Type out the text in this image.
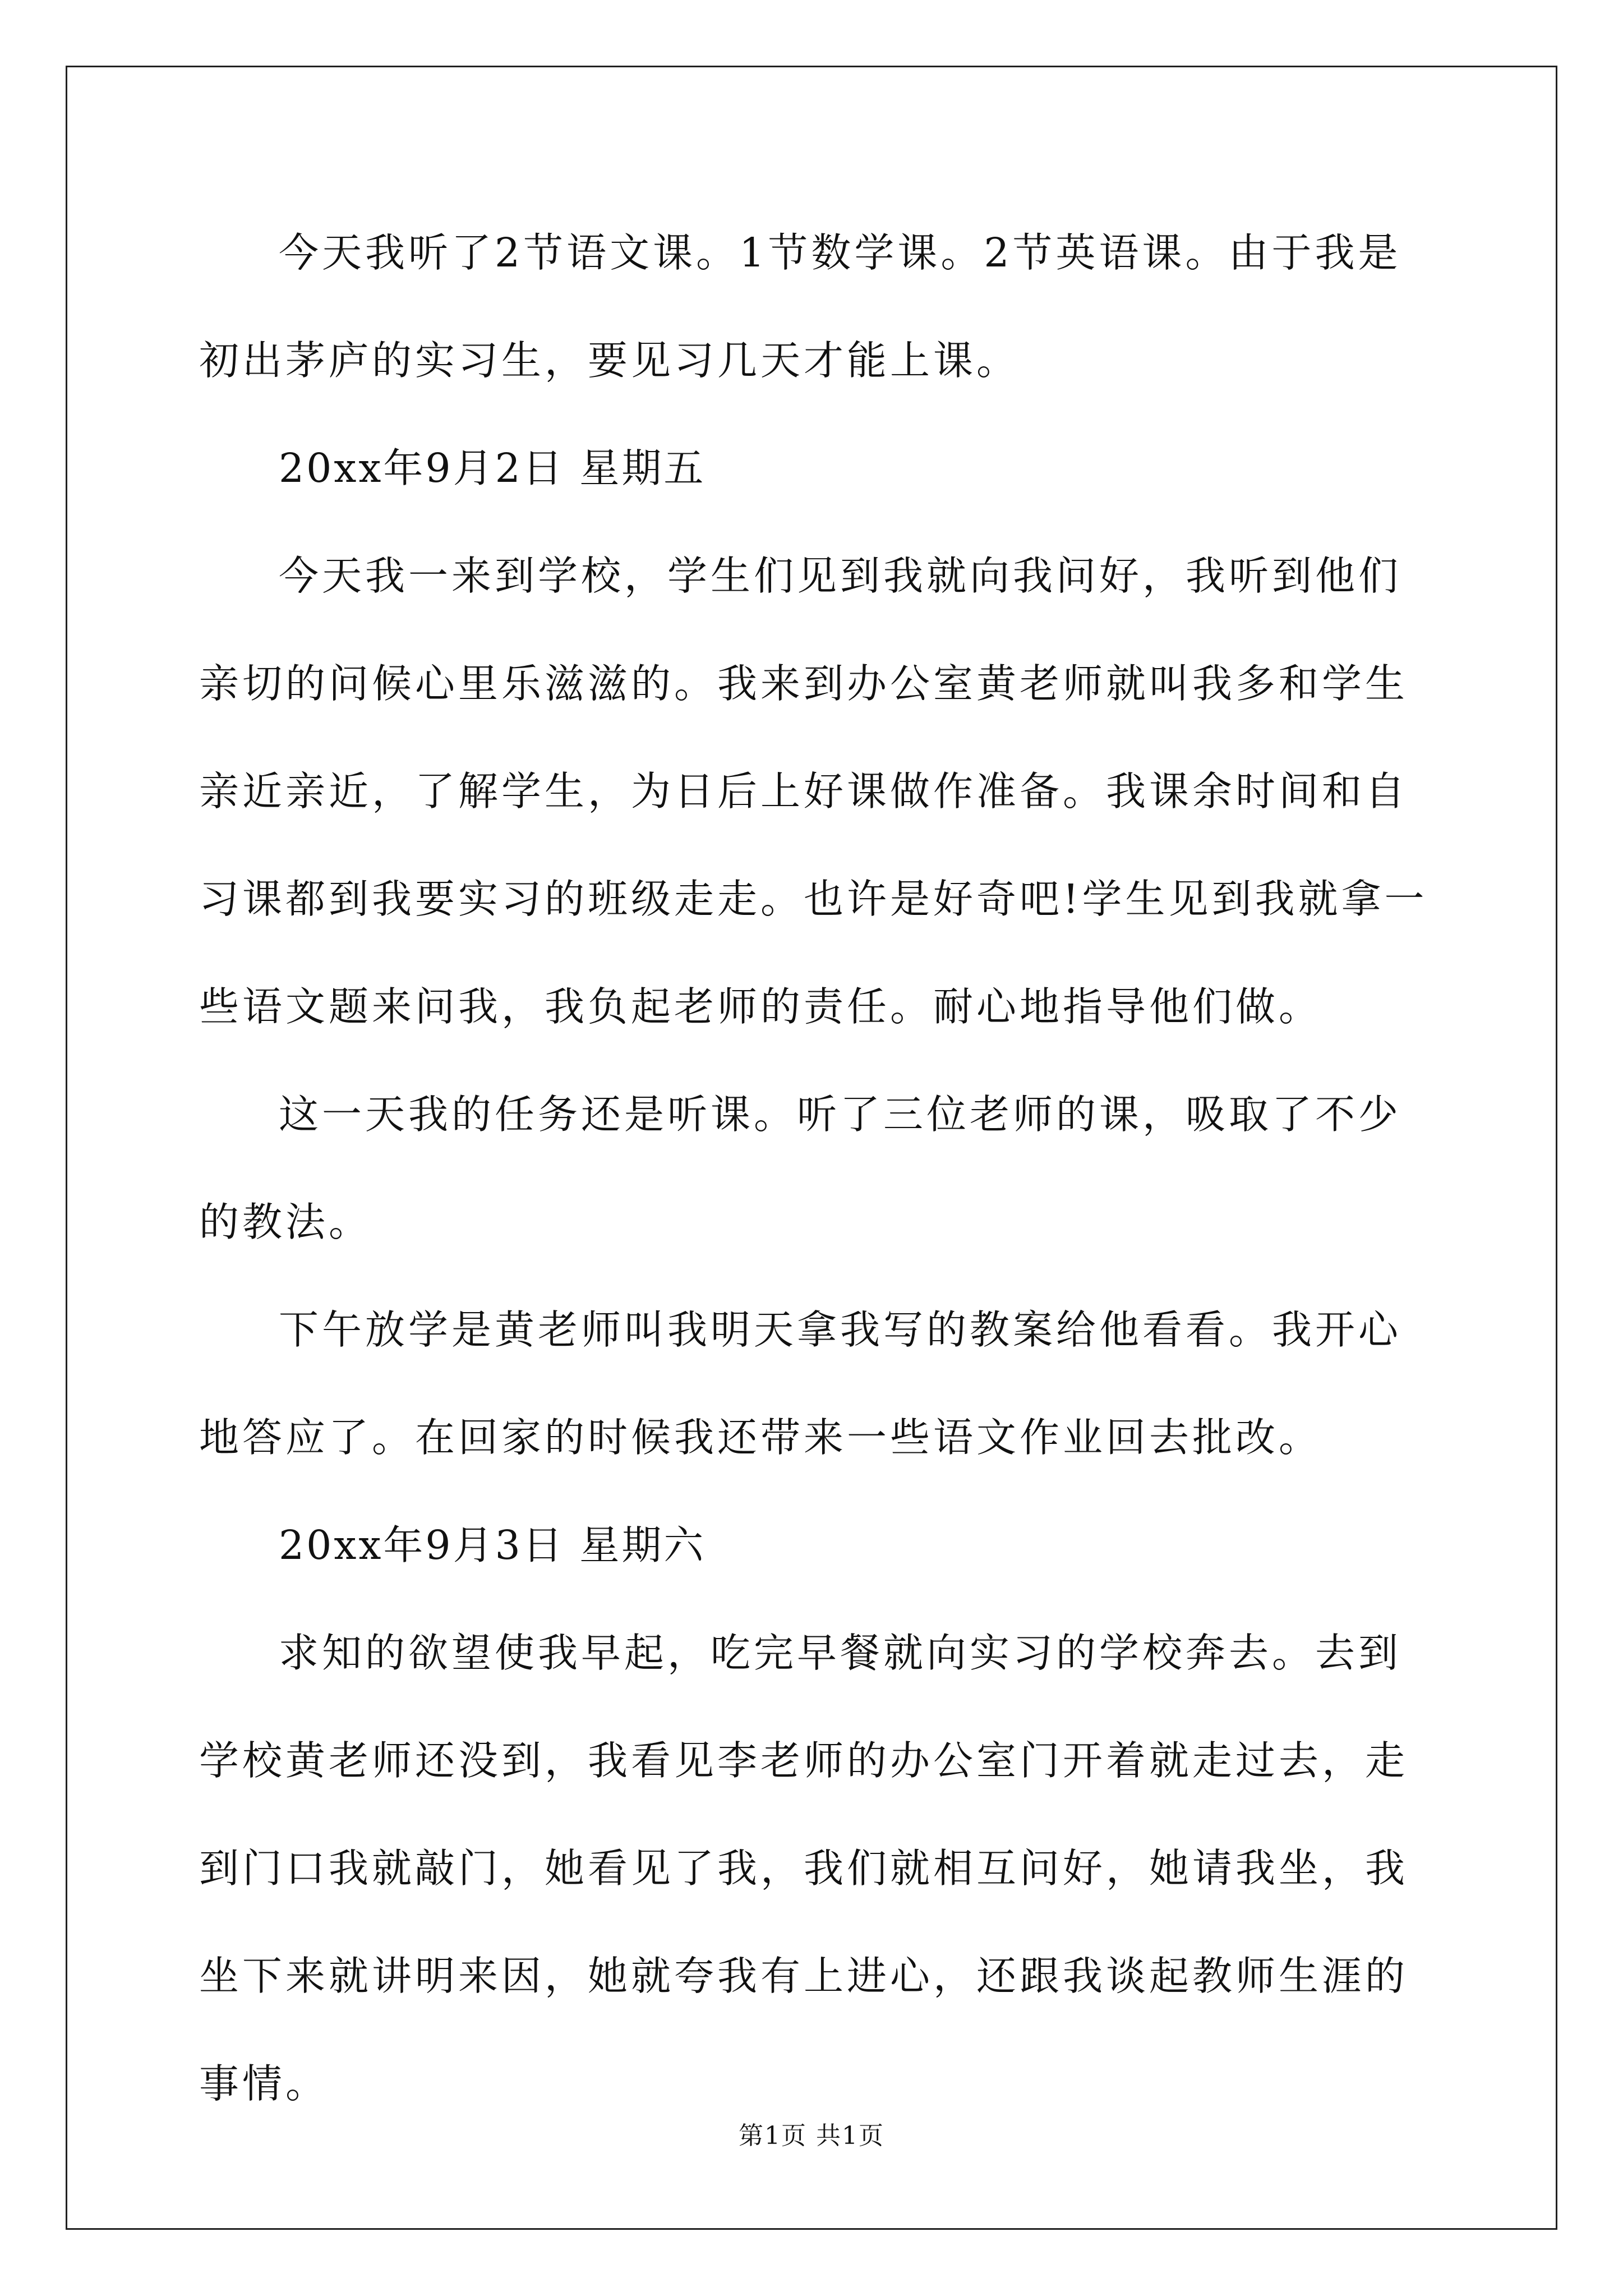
今天我听了2节语文课。1节数学课。2节英语课。由于我是初出茅庐的实习生，要见习几天才能上课。

20xx年9月2日 星期五

今天我一来到学校，学生们见到我就向我问好，我听到他们亲切的问候心里乐滋滋的。我来到办公室黄老师就叫我多和学生亲近亲近，了解学生，为日后上好课做作准备。我课余时间和自习课都到我要实习的班级走走。也许是好奇吧!学生见到我就拿一些语文题来问我，我负起老师的责任。耐心地指导他们做。

这一天我的任务还是听课。听了三位老师的课，吸取了不少的教法。

下午放学是黄老师叫我明天拿我写的教案给他看看。我开心地答应了。在回家的时候我还带来一些语文作业回去批改。

20xx年9月3日 星期六

求知的欲望使我早起，吃完早餐就向实习的学校奔去。去到学校黄老师还没到，我看见李老师的办公室门开着就走过去，走到门口我就敲门，她看见了我，我们就相互问好，她请我坐，我坐下来就讲明来因，她就夸我有上进心，还跟我谈起教师生涯的事情。

第1页 共1页
